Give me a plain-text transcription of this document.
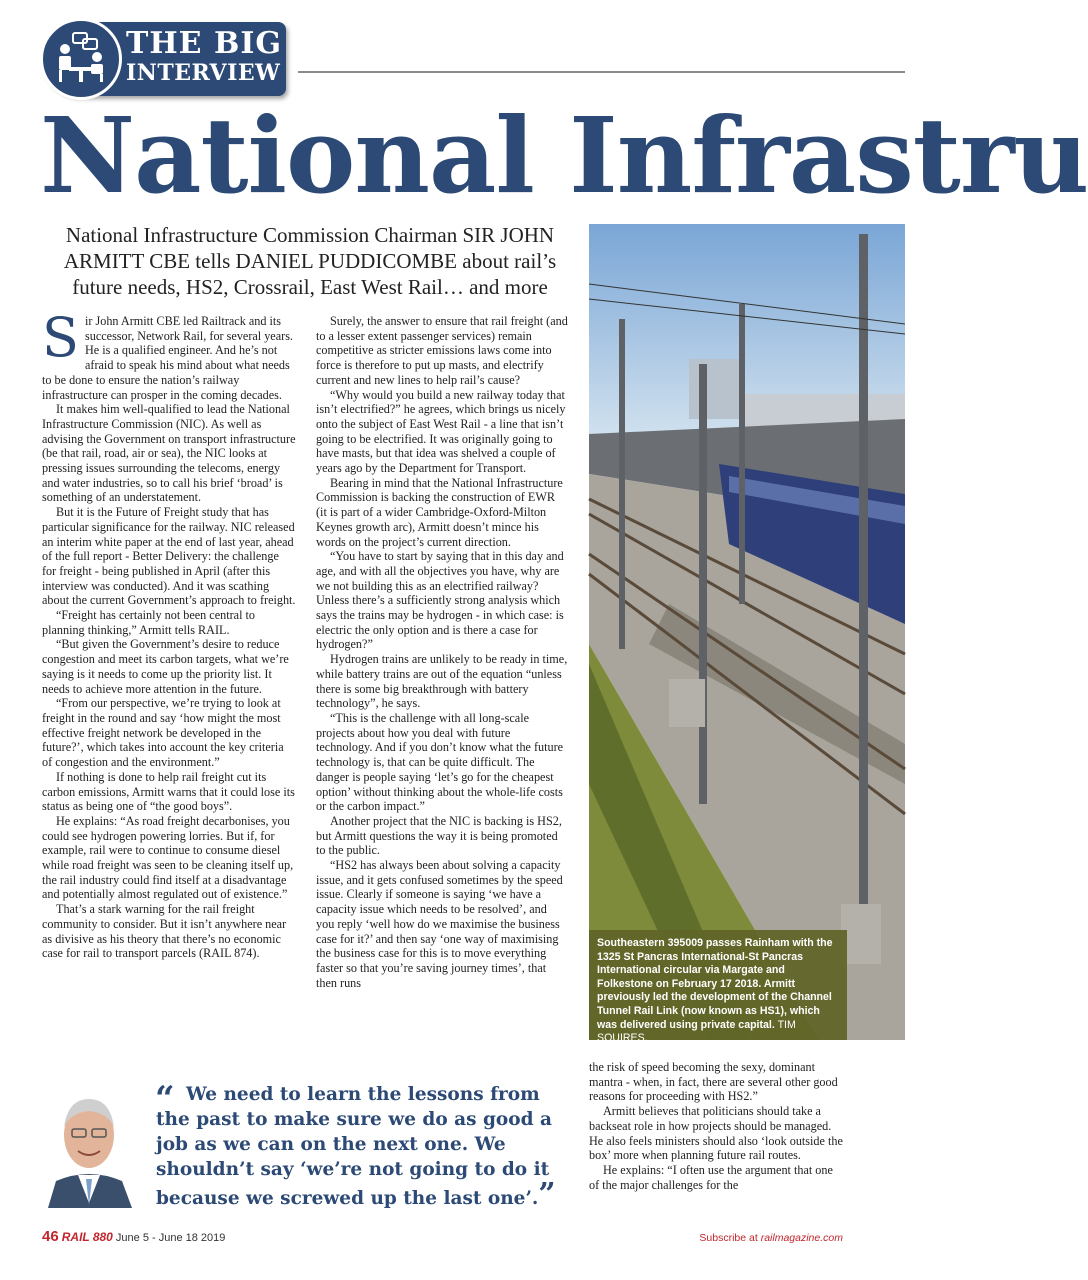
THE BIG
INTERVIEW
National Infrastru
National Infrastructure Commission Chairman SIR JOHN ARMITT CBE tells DANIEL PUDDICOMBE about rail’s future needs, HS2, Crossrail, East West Rail… and more
S ir John Armitt CBE led Railtrack and its successor, Network Rail, for several years. He is a qualified engineer. And he’s not afraid to speak his mind about what needs to be done to ensure the nation’s railway infrastructure can prosper in the coming decades.

It makes him well-qualified to lead the National Infrastructure Commission (NIC). As well as advising the Government on transport infrastructure (be that rail, road, air or sea), the NIC looks at pressing issues surrounding the telecoms, energy and water industries, so to call his brief ‘broad’ is something of an understatement.

But it is the Future of Freight study that has particular significance for the railway. NIC released an interim white paper at the end of last year, ahead of the full report - Better Delivery: the challenge for freight - being published in April (after this interview was conducted). And it was scathing about the current Government’s approach to freight.

“Freight has certainly not been central to planning thinking,” Armitt tells RAIL.

“But given the Government’s desire to reduce congestion and meet its carbon targets, what we’re saying is it needs to come up the priority list. It needs to achieve more attention in the future.

“From our perspective, we’re trying to look at freight in the round and say ‘how might the most effective freight network be developed in the future?’, which takes into account the key criteria of congestion and the environment.”

If nothing is done to help rail freight cut its carbon emissions, Armitt warns that it could lose its status as being one of “the good boys”.

He explains: “As road freight decarbonises, you could see hydrogen powering lorries. But if, for example, rail were to continue to consume diesel while road freight was seen to be cleaning itself up, the rail industry could find itself at a disadvantage and potentially almost regulated out of existence.”

That’s a stark warning for the rail freight community to consider. But it isn’t anywhere near as divisive as his theory that there’s no economic case for rail to transport parcels (RAIL 874).

Surely, the answer to ensure that rail freight (and to a lesser extent passenger services) remain competitive as stricter emissions laws come into force is therefore to put up masts, and electrify current and new lines to help rail’s cause?

“Why would you build a new railway today that isn’t electrified?” he agrees, which brings us nicely onto the subject of East West Rail - a line that isn’t going to be electrified. It was originally going to have masts, but that idea was shelved a couple of years ago by the Department for Transport.

Bearing in mind that the National Infrastructure Commission is backing the construction of EWR (it is part of a wider Cambridge-Oxford-Milton Keynes growth arc), Armitt doesn’t mince his words on the project’s current direction.

“You have to start by saying that in this day and age, and with all the objectives you have, why are we not building this as an electrified railway? Unless there’s a sufficiently strong analysis which says the trains may be hydrogen - in which case: is electric the only option and is there a case for hydrogen?”

Hydrogen trains are unlikely to be ready in time, while battery trains are out of the equation “unless there is some big breakthrough with battery technology”, he says.

“This is the challenge with all long-scale projects about how you deal with future technology. And if you don’t know what the future technology is, that can be quite difficult. The danger is people saying ‘let’s go for the cheapest option’ without thinking about the whole-life costs or the carbon impact.”

Another project that the NIC is backing is HS2, but Armitt questions the way it is being promoted to the public.

“HS2 has always been about solving a capacity issue, and it gets confused sometimes by the speed issue. Clearly if someone is saying ‘we have a capacity issue which needs to be resolved’, and you reply ‘well how do we maximise the business case for it?’ and then say ‘one way of maximising the business case for this is to move everything faster so that you’re saving journey times’, that then runs

Southeastern 395009 passes Rainham with the 1325 St Pancras International-St Pancras International circular via Margate and Folkestone on February 17 2018. Armitt previously led the development of the Channel Tunnel Rail Link (now known as HS1), which was delivered using private capital. TIM SQUIRES.

the risk of speed becoming the sexy, dominant mantra - when, in fact, there are several other good reasons for proceeding with HS2.”

Armitt believes that politicians should take a backseat role in how projects should be managed. He also feels ministers should also ‘look outside the box’ more when planning future rail routes.

He explains: “I often use the argument that one of the major challenges for the

“ We need to learn the lessons from the past to make sure we do as good a job as we can on the next one. We shouldn’t say ‘we’re not going to do it because we screwed up the last one’.”
46 RAIL 880 June 5 - June 18 2019	Subscribe at railmagazine.com
